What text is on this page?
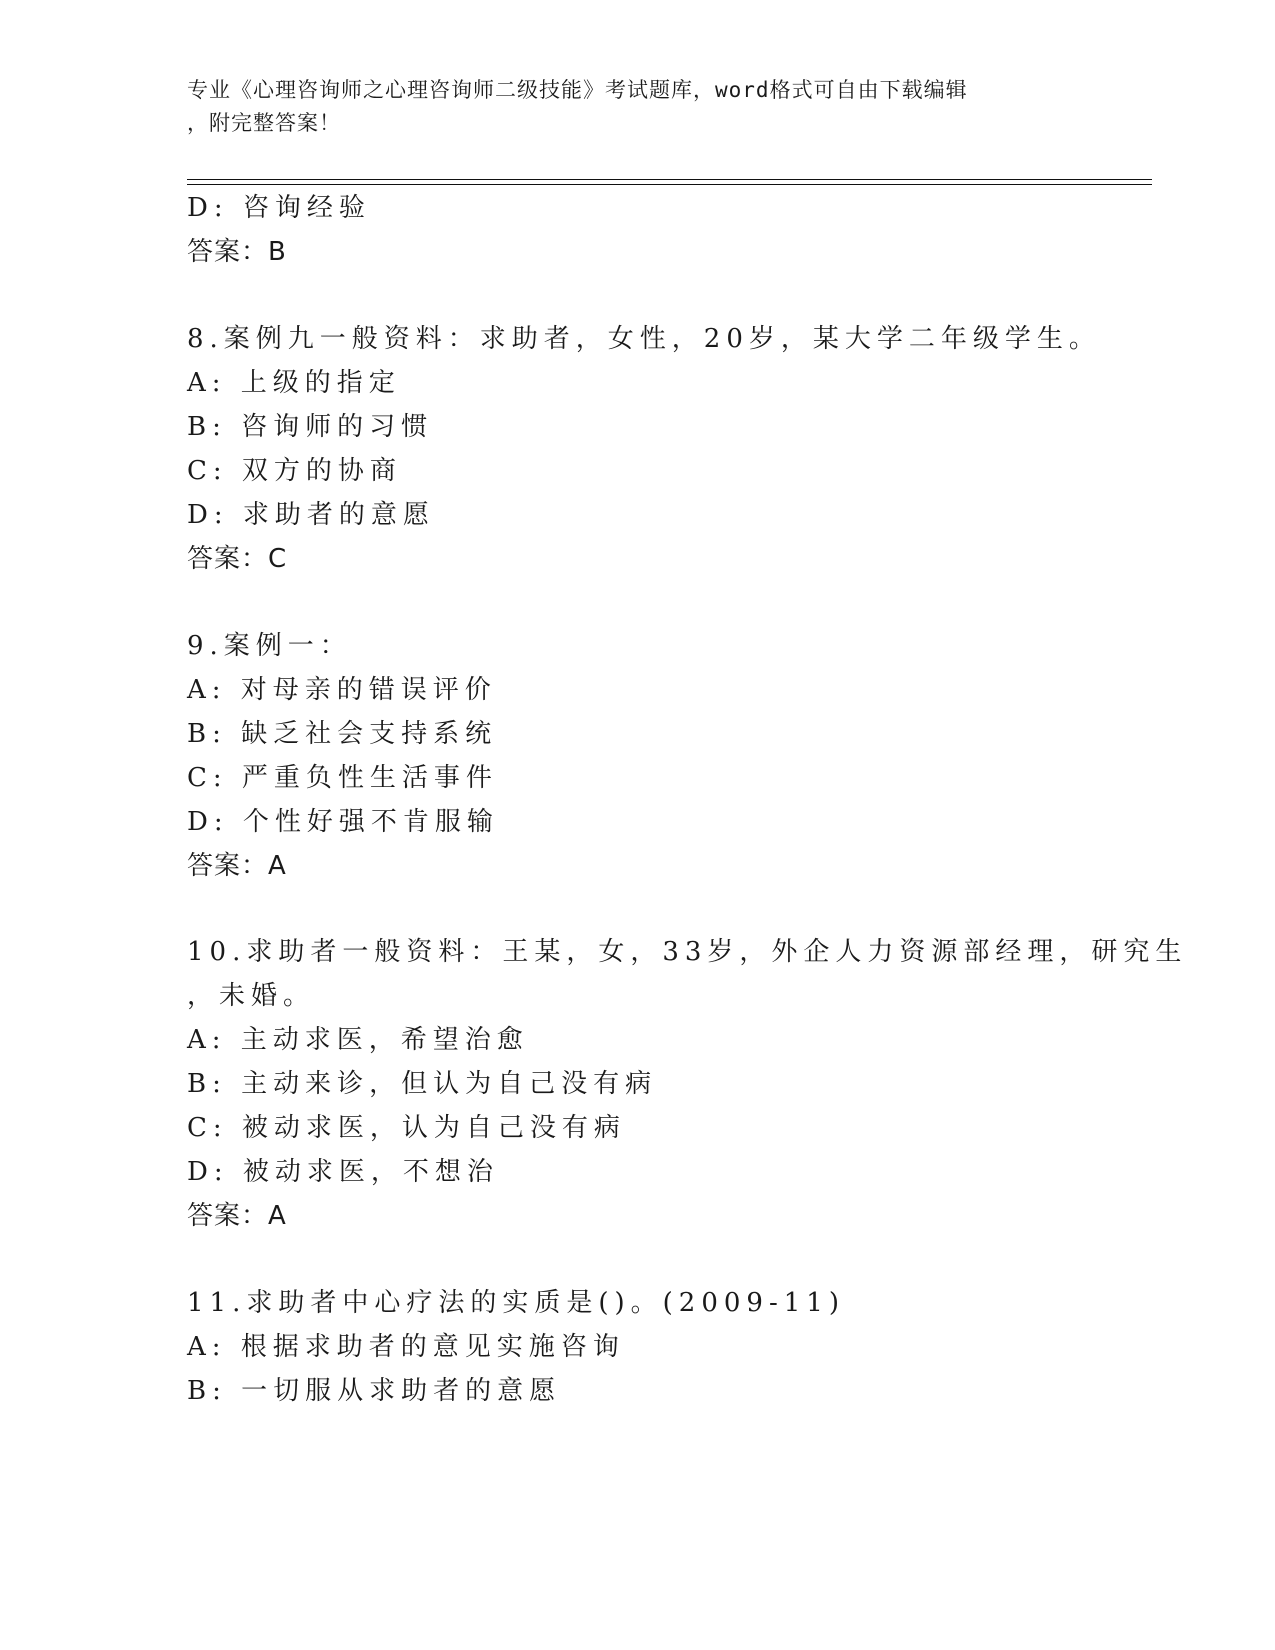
专业《心理咨询师之心理咨询师二级技能》考试题库，word格式可自由下载编辑
，附完整答案！
D: 咨询经验
答案：B
8.案例九一般资料：求助者，女性，20岁，某大学二年级学生。
A: 上级的指定
B: 咨询师的习惯
C: 双方的协商
D: 求助者的意愿
答案：C
9.案例一：
A: 对母亲的错误评价
B: 缺乏社会支持系统
C: 严重负性生活事件
D: 个性好强不肯服输
答案：A
10.求助者一般资料：王某，女，33岁，外企人力资源部经理，研究生
，未婚。
A: 主动求医，希望治愈
B: 主动来诊，但认为自己没有病
C: 被动求医，认为自己没有病
D: 被动求医，不想治
答案：A
11.求助者中心疗法的实质是()。(2009-11)
A: 根据求助者的意见实施咨询
B: 一切服从求助者的意愿
